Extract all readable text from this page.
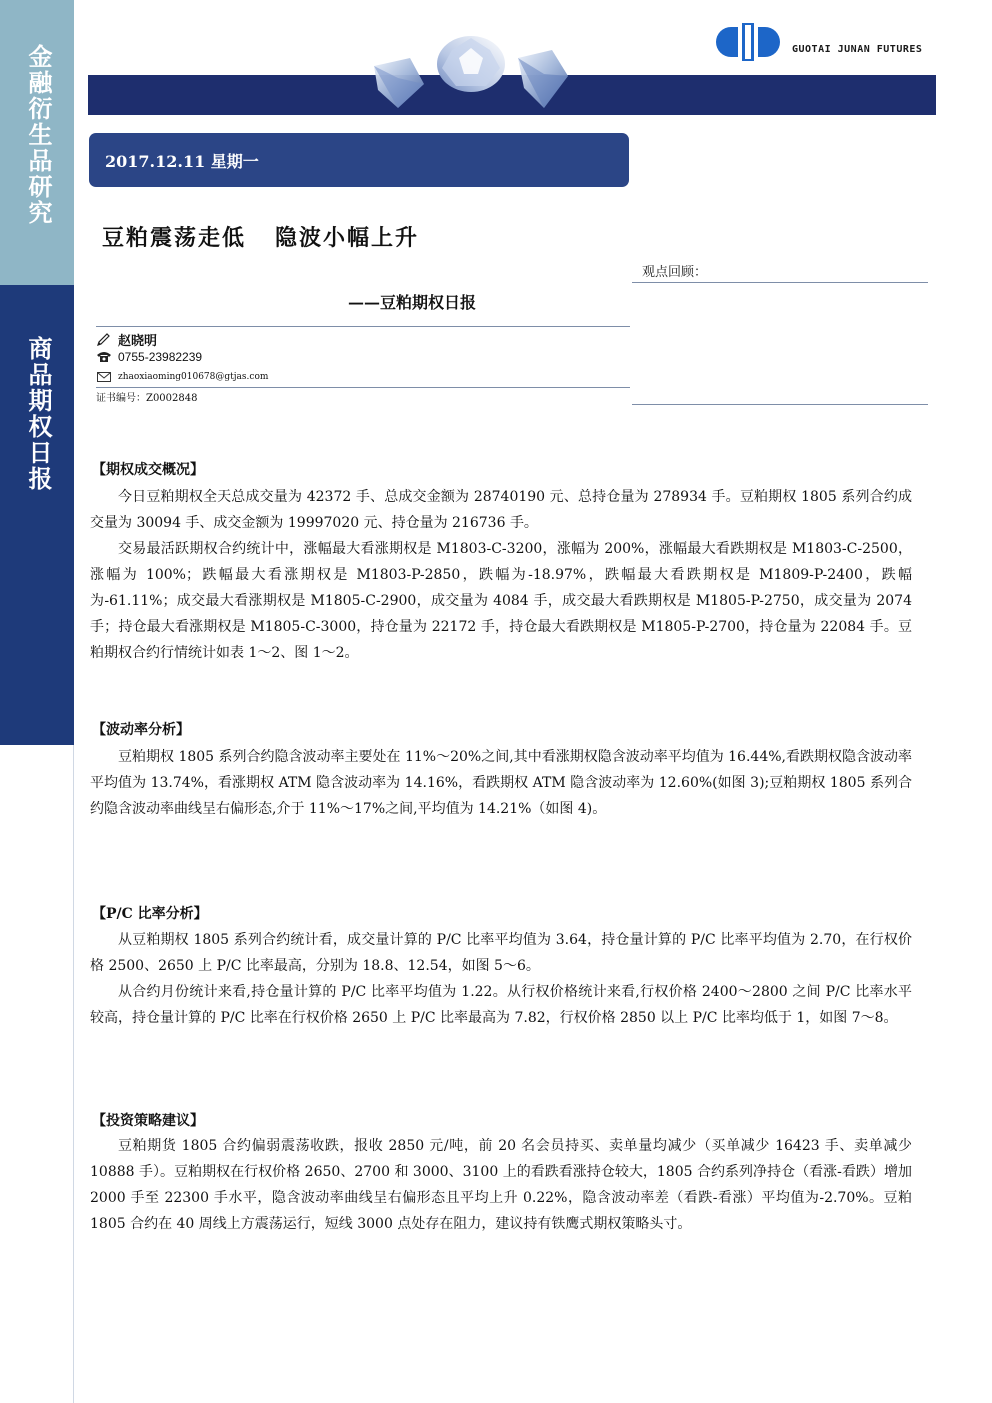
金融衍生品研究
商品期权日报
GUOTAI JUNAN FUTURES
2017.12.11 星期一
豆粕震荡走低   隐波小幅上升
——豆粕期权日报
观点回顾：
赵晓明
0755-23982239
zhaoxiaoming010678@gtjas.com
证书编号：Z0002848
【期权成交概况】

今日豆粕期权全天总成交量为 42372 手、总成交金额为 28740190 元、总持仓量为 278934 手。豆粕期权 1805 系列合约成交量为 30094 手、成交金额为 19997020 元、持仓量为 216736 手。

交易最活跃期权合约统计中，涨幅最大看涨期权是 M1803-C-3200，涨幅为 200%，涨幅最大看跌期权是 M1803-C-2500，涨幅为 100%；跌幅最大看涨期权是 M1803-P-2850，跌幅为-18.97%，跌幅最大看跌期权是 M1809-P-2400，跌幅为-61.11%；成交最大看涨期权是 M1805-C-2900，成交量为 4084 手，成交最大看跌期权是 M1805-P-2750，成交量为 2074 手；持仓最大看涨期权是 M1805-C-3000，持仓量为 22172 手，持仓最大看跌期权是 M1805-P-2700，持仓量为 22084 手。豆粕期权合约行情统计如表 1～2、图 1～2。

【波动率分析】

豆粕期权 1805 系列合约隐含波动率主要处在 11%～20%之间,其中看涨期权隐含波动率平均值为 16.44%,看跌期权隐含波动率平均值为 13.74%，看涨期权 ATM 隐含波动率为 14.16%，看跌期权 ATM 隐含波动率为 12.60%(如图 3);豆粕期权 1805 系列合约隐含波动率曲线呈右偏形态,介于 11%～17%之间,平均值为 14.21%（如图 4)。

【P/C 比率分析】

从豆粕期权 1805 系列合约统计看，成交量计算的 P/C 比率平均值为 3.64，持仓量计算的 P/C 比率平均值为 2.70，在行权价格 2500、2650 上 P/C 比率最高，分别为 18.8、12.54，如图 5～6。

从合约月份统计来看,持仓量计算的 P/C 比率平均值为 1.22。从行权价格统计来看,行权价格 2400～2800 之间 P/C 比率水平较高，持仓量计算的 P/C 比率在行权价格 2650 上 P/C 比率最高为 7.82，行权价格 2850 以上 P/C 比率均低于 1，如图 7～8。

【投资策略建议】

豆粕期货 1805 合约偏弱震荡收跌，报收 2850 元/吨，前 20 名会员持买、卖单量均减少（买单减少 16423 手、卖单减少 10888 手）。豆粕期权在行权价格 2650、2700 和 3000、3100 上的看跌看涨持仓较大，1805 合约系列净持仓（看涨-看跌）增加 2000 手至 22300 手水平，隐含波动率曲线呈右偏形态且平均上升 0.22%，隐含波动率差（看跌-看涨）平均值为-2.70%。豆粕 1805 合约在 40 周线上方震荡运行，短线 3000 点处存在阻力，建议持有铁鹰式期权策略头寸。
